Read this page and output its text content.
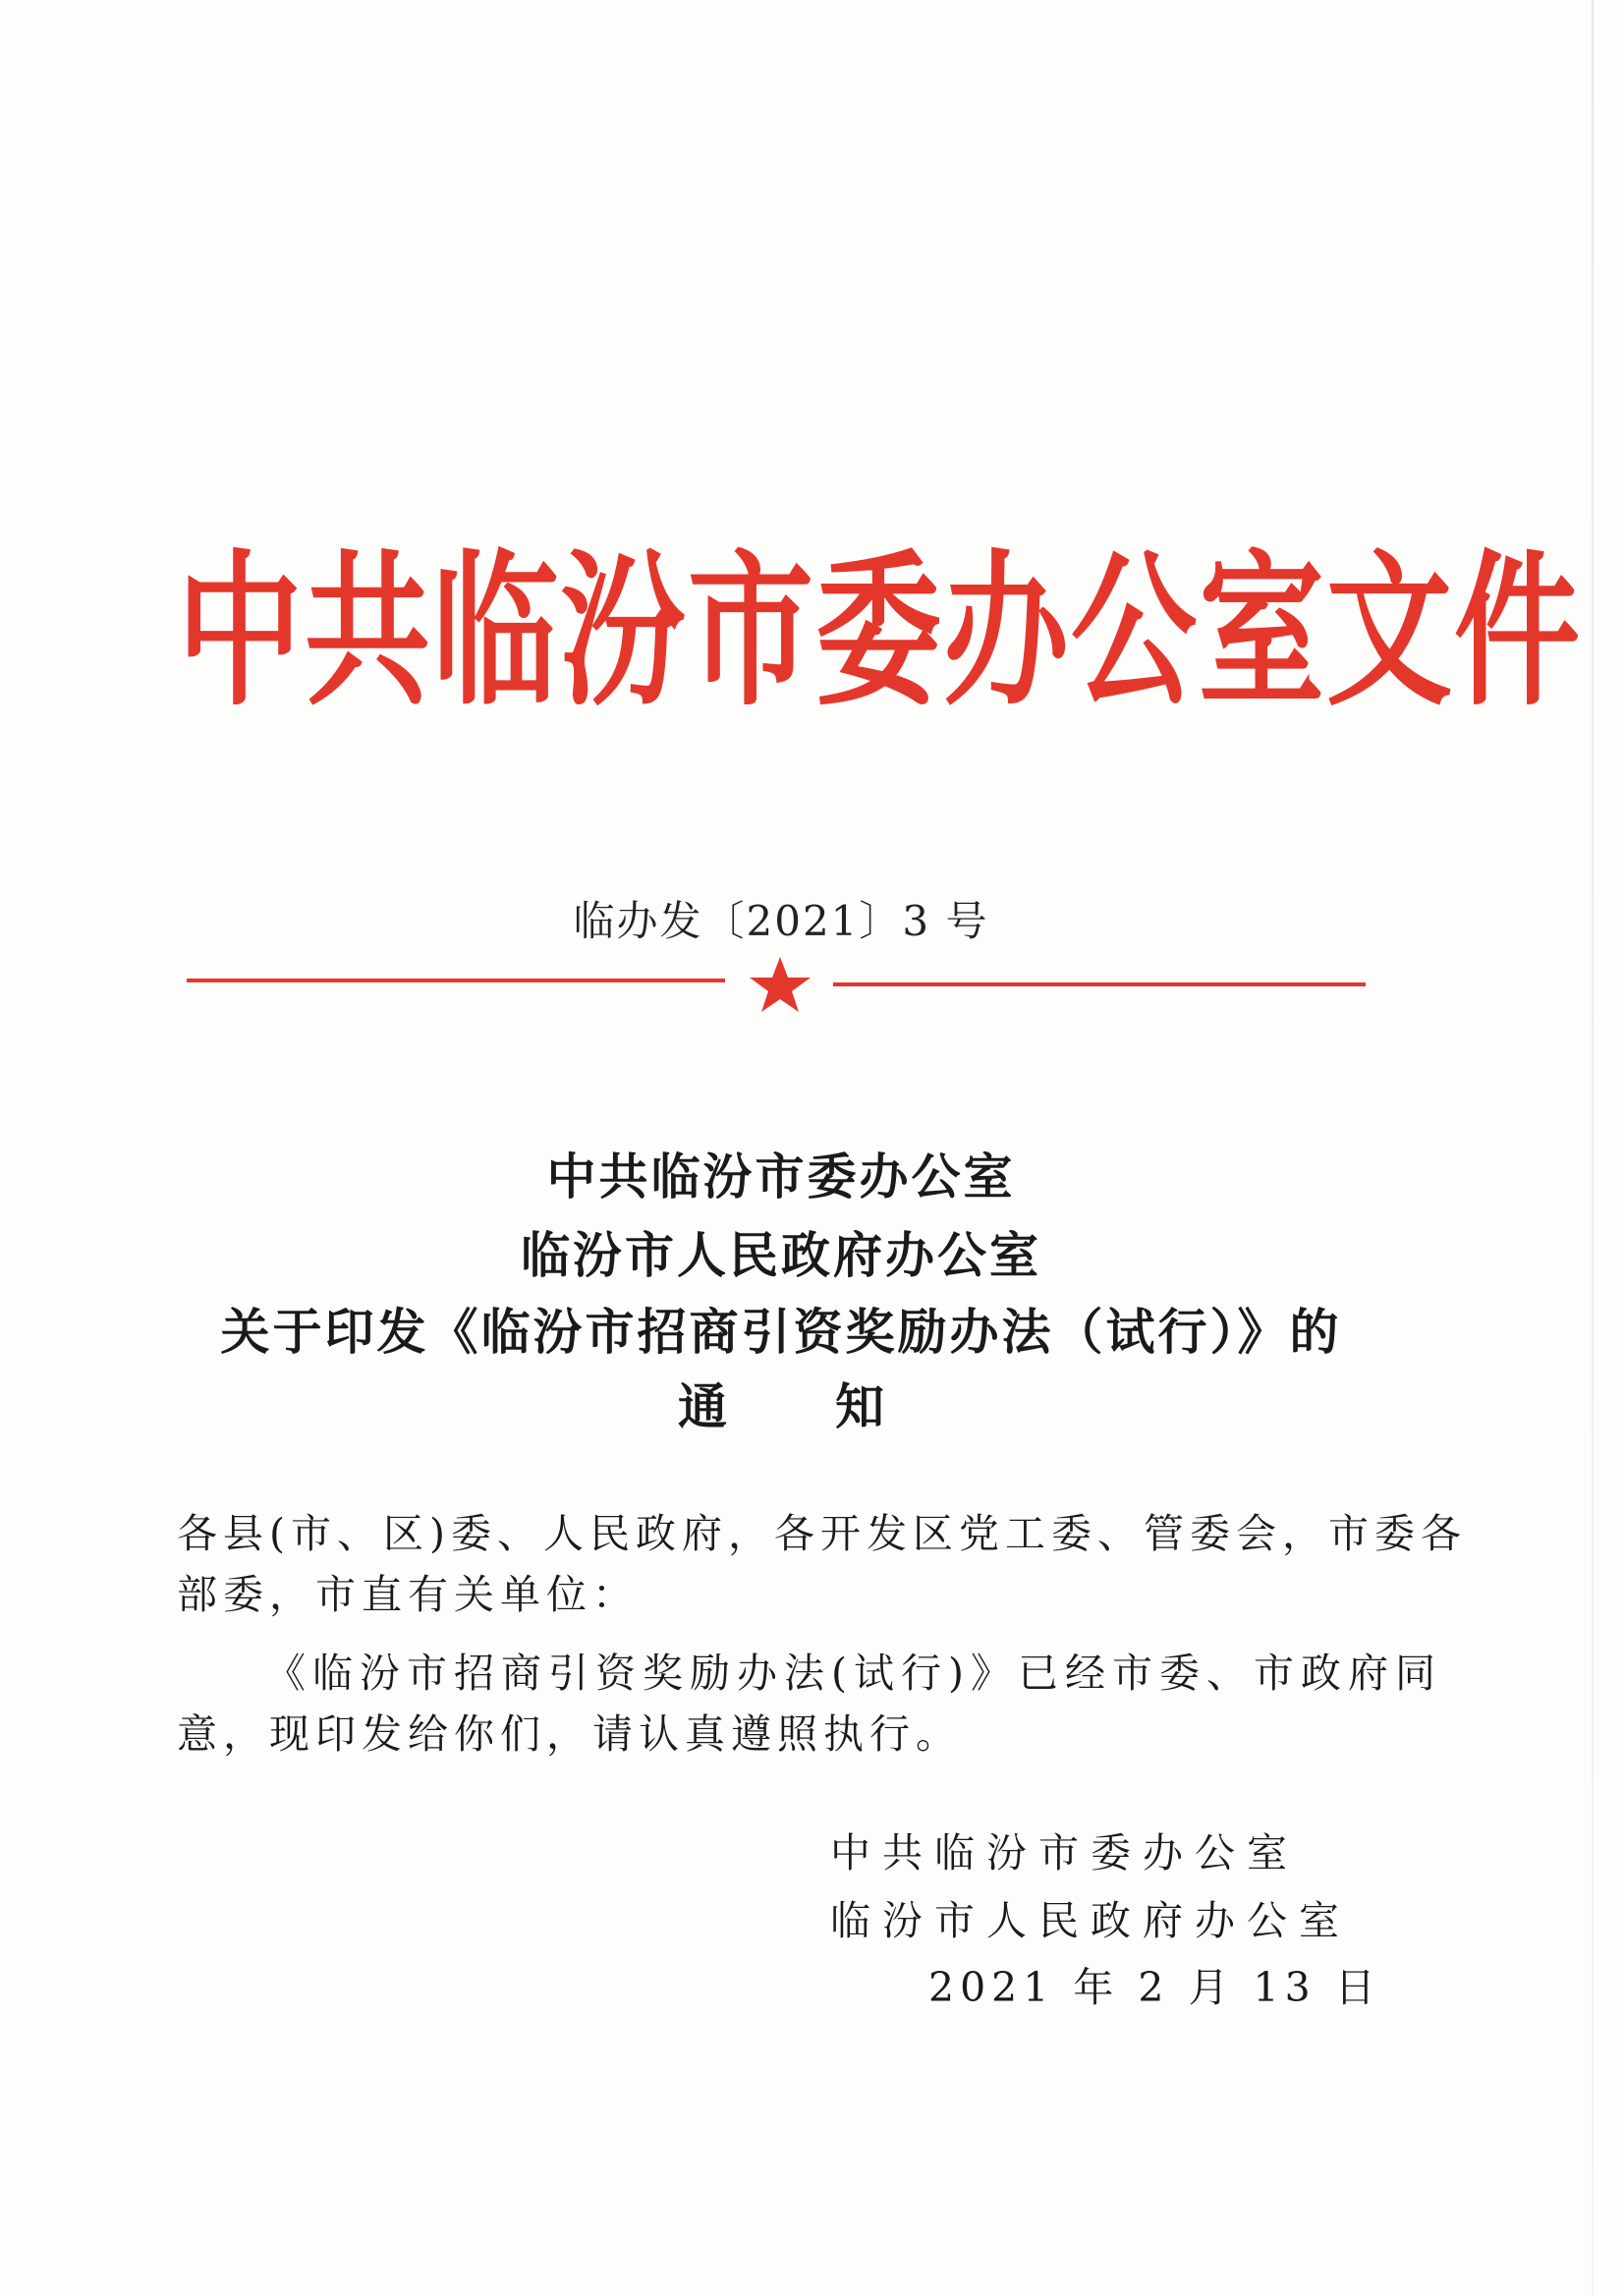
中共临汾市委办公室文件
临办发〔2021〕3 号
中共临汾市委办公室
临汾市人民政府办公室
关于印发《临汾市招商引资奖励办法（试行）》的
通 知
各县(市、区)委、人民政府，各开发区党工委、管委会，市委各
部委，市直有关单位：
《临汾市招商引资奖励办法(试行)》已经市委、市政府同
意，现印发给你们，请认真遵照执行。
中共临汾市委办公室
临汾市人民政府办公室
2021 年 2 月 13 日
